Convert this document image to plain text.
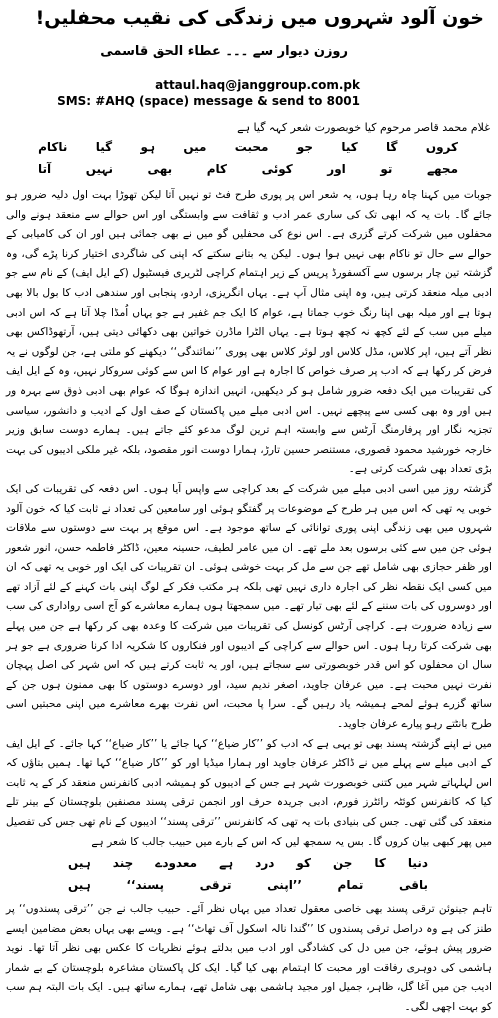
خون آلود شہروں میں زندگی کی نقیب محفلیں!
روزن دیوار سے ۔۔۔ عطاء الحق قاسمی
attaul.haq@janggroup.com.pk
SMS: #AHQ (space) message & send to 8001
غلام محمد قاصر مرحوم کیا خوبصورت شعر کہہ گیا ہے
کروں
گا
کیا
جو
محبت
میں
ہو
گیا
ناکام
مجھے
تو
اور
کوئی
کام
بھی
نہیں
آتا

جوبات میں کہنا چاہ رہا ہوں، یہ شعر اس پر پوری طرح فٹ تو نہیں آتا لیکن تھوڑا بہت اول دلیہ ضرور ہو جائے گا۔ بات یہ کہ ابھی تک کی ساری عمر ادب و ثقافت سے وابستگی اور اس حوالے سے منعقد ہونے والی محفلوں میں شرکت کرتے گزری ہے۔ اس نوع کی محفلیں گو میں نے بھی جمائی ہیں اور ان کی کامیابی کے حوالے سے حال تو ناکام بھی نہیں ہوا ہوں۔ لیکن یہ بتانے سکتے کہ اپنی کی شاگردی اختیار کرنا پڑے گی، وہ گزشتہ تین چار برسوں سے آکسفورڈ پریس کے زیر اہتمام کراچی لٹریری فیسٹیول (کے ایل ایف) کے نام سے جو ادبی میلہ منعقد کرتی ہیں، وہ اپنی مثال آپ ہے۔ یہاں انگریزی، اردو، پنجابی اور سندھی ادب کا بول بالا بھی ہوتا ہے اور میلہ بھی اپنا رنگ خوب جماتا ہے، عوام کا ایک جم غفیر ہے جو یہاں اُمڈا چلا آتا ہے کہ اس ادبی میلے میں سب کے لئے کچھ نہ کچھ ہوتا ہے۔ یہاں الٹرا ماڈرن خواتین بھی دکھائی دیتی ہیں، آرتھوڈاکس بھی نظر آتے ہیں، اپر کلاس، مڈل کلاس اور لوئر کلاس بھی پوری ’’نمائندگی‘‘ دیکھنے کو ملتی ہے، جن لوگوں نے یہ فرض کر رکھا ہے کہ ادب پر صرف خواص کا اجارہ ہے اور عوام کا اس سے کوئی سروکار نہیں، وہ کے ایل ایف کی تقریبات میں ایک دفعہ ضرور شامل ہو کر دیکھیں، انہیں اندازہ ہوگا کہ عوام بھی ادبی ذوق سے بہرہ ور ہیں اور وہ بھی کسی سے پیچھے نہیں۔ اس ادبی میلے میں پاکستان کے صف اول کے ادیب و دانشور، سیاسی تجزیہ نگار اور پرفارمنگ آرٹس سے وابستہ اہم ترین لوگ مدعو کئے جاتے ہیں۔ ہمارے دوست سابق وزیر خارجہ خورشید محمود قصوری، مستنصر حسین تارڑ، ہمارا دوست انور مقصود، بلکہ غیر ملکی ادیبوں کی بہت بڑی تعداد بھی شرکت کرتی ہے۔

گزشتہ روز میں اسی ادبی میلے میں شرکت کے بعد کراچی سے واپس آیا ہوں۔ اس دفعہ کی تقریبات کی ایک خوبی یہ تھی کہ اس میں ہر طرح کے موضوعات پر گفتگو ہوئی اور سامعین کی تعداد نے ثابت کیا کہ خون آلود شہروں میں بھی زندگی اپنی پوری توانائی کے ساتھ موجود ہے۔ اس موقع پر بہت سے دوستوں سے ملاقات ہوئی جن میں سے کئی برسوں بعد ملے تھے۔ ان میں عامر لطیف، حسینہ معین، ڈاکٹر فاطمہ حسن، انور شعور اور ظفر حجازی بھی شامل تھے جن سے مل کر بہت خوشی ہوئی۔ ان تقریبات کی ایک اور خوبی یہ تھی کہ ان میں کسی ایک نقطہ نظر کی اجارہ داری نہیں تھی بلکہ ہر مکتب فکر کے لوگ اپنی بات کہنے کے لئے آزاد تھے اور دوسروں کی بات سننے کے لئے بھی تیار تھے۔ میں سمجھتا ہوں ہمارے معاشرے کو آج اسی رواداری کی سب سے زیادہ ضرورت ہے۔ کراچی آرٹس کونسل کی تقریبات میں شرکت کا وعدہ بھی کر رکھا ہے جن میں پہلے بھی شرکت کرتا رہا ہوں۔ اس حوالے سے کراچی کے ادیبوں اور فنکاروں کا شکریہ ادا کرنا ضروری ہے جو ہر سال ان محفلوں کو اس قدر خوبصورتی سے سجاتے ہیں، اور یہ ثابت کرتے ہیں کہ اس شہر کی اصل پہچان نفرت نہیں محبت ہے۔ میں عرفان جاوید، اصغر ندیم سید، اور دوسرے دوستوں کا بھی ممنون ہوں جن کے ساتھ گزرے ہوئے لمحے ہمیشہ یاد رہیں گے۔ سرا پا محبت، اس نفرت بھرے معاشرے میں اپنی محبتیں اسی طرح بانٹتے رہو پیارے عرفان جاوید۔

میں نے اپنے گزشتہ پسند بھی تو یہی ہے کہ ادب کو ’’کار ضیاع‘‘ کہا جائے یا ’’کار ضیاع‘‘ کہا جائے۔ کے ایل ایف کے ادبی میلے سے پہلے میں نے ڈاکٹر عرفان جاوید اور ہمارا میڈیا اور کو ’’کار ضیاع‘‘ کہا تھا۔ ہمیں بتاؤں کہ اس لہلہاتے شہر میں کتنی خوبصورت شہر ہے جس کے ادیبوں کو ہمیشہ ادبی کانفرنس منعقد کر کے یہ ثابت کیا کہ کانفرنس کوئٹہ رائٹرز فورم، ادبی جریدہ حرف اور انجمن ترقی پسند مصنفین بلوچستان کے بینر تلے منعقد کی گئی تھی۔ جس کی بنیادی بات یہ تھی کہ کانفرنس ’’ترقی پسند‘‘ ادیبوں کے نام تھی جس کی تفصیل میں پھر کبھی بیان کروں گا۔ بس یہ سمجھ لیں کہ اس کے بارے میں حبیب جالب کا شعر ہے

دنیا
کا
جن
کو
درد
ہے
معدودے
چند
ہیں
باقی
تمام
’’اپنی
ترقی
پسند‘‘
ہیں

تاہم جینوئن ترقی پسند بھی خاصی معقول تعداد میں یہاں نظر آئے۔ حبیب جالب نے جن ’’ترقی پسندوں‘‘ پر طنز کی ہے وہ دراصل ترقی پسندوں کا ’’گندا نالہ اسکول آف تھاٹ‘‘ ہے۔ ویسے بھی یہاں بعض مضامین ایسے ضرور پیش ہوئے، جن میں دل کی کشادگی اور ادب میں بدلتے ہوئے نظریات کا عکس بھی نظر آتا تھا۔ نوید ہاشمی کی دوہری رفاقت اور محبت کا اہتمام بھی کیا گیا۔ ایک کل پاکستان مشاعرہ بلوچستان کے بے شمار ادیب جن میں آغا گل، ظاہر، جمیل اور مجید ہاشمی بھی شامل تھے، ہمارے ساتھ ہیں۔ ایک بات البتہ ہم سب کو بہت اچھی لگی۔
